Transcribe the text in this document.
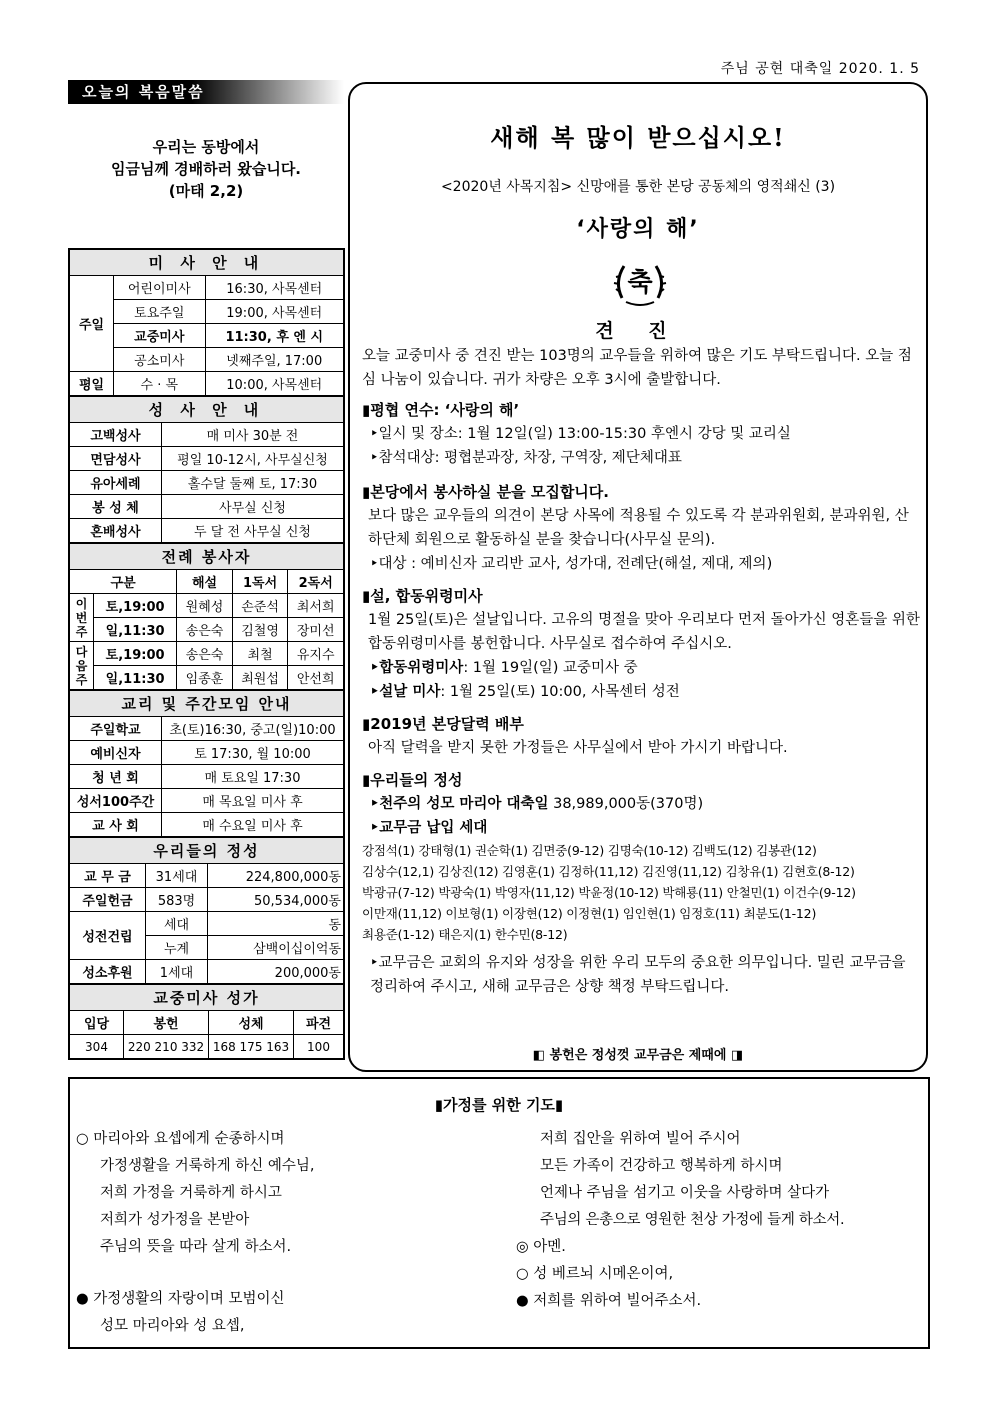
주님 공현 대축일 2020. 1. 5
오늘의 복음말씀
우리는 동방에서
임금님께 경배하러 왔습니다.
(마태 2,2)
미 사 안 내		
주일	어린이미사	16:30, 사목센터
	토요주일	19:00, 사목센터
	교중미사	11:30, 후 엔 시
	공소미사	넷째주일, 17:00
평일	수 · 목	10:00, 사목센터
성 사 안 내	
고백성사	매 미사 30분 전
면담성사	평일 10-12시, 사무실신청
유아세례	홀수달 둘째 토, 17:30
봉 성 체	사무실 신청
혼배성사	두 달 전 사무실 신청
전례 봉사자				
구분		해설	1독서	2독서
이번주	토,19:00	원혜성	손준석	최서희
	일,11:30	송은숙	김철영	장미선
다음주	토,19:00	송은숙	최철	유지수
	일,11:30	임종훈	최원섭	안선희
교리 및 주간모임 안내	
주일학교	초(토)16:30, 중고(일)10:00
예비신자	토 17:30, 월 10:00
청 년 회	매 토요일 17:30
성서100주간	매 목요일 미사 후
교 사 회	매 수요일 미사 후
우리들의 정성		
교 무 금	31세대	224,800,000동
주일헌금	583명	50,534,000동
성전건립	세대	동
	누계	삼백이십이억동
성소후원	1세대	200,000동
교중미사 성가			
입당	봉헌	성체	파견
304	220 210 332	168 175 163	100
새해 복 많이 받으십시오!
<2020년 사목지침> 신망애를 통한 본당 공동체의 영적쇄신 (3)
‘사랑의 해’
축
견 진
오늘 교중미사 중 견진 받는 103명의 교우들을 위하여 많은 기도 부탁드립니다. 오늘 점심 나눔이 있습니다. 귀가 차량은 오후 3시에 출발합니다.
▮평협 연수: ‘사랑의 해’
‣일시 및 장소: 1월 12일(일) 13:00-15:30 후엔시 강당 및 교리실
‣참석대상: 평협분과장, 차장, 구역장, 제단체대표
▮본당에서 봉사하실 분을 모집합니다.
보다 많은 교우들의 의견이 본당 사목에 적용될 수 있도록 각 분과위원회, 분과위원, 산하단체 회원으로 활동하실 분을 찾습니다(사무실 문의).
‣대상 : 예비신자 교리반 교사, 성가대, 전례단(해설, 제대, 제의)
▮설, 합동위령미사
1월 25일(토)은 설날입니다. 고유의 명절을 맞아 우리보다 먼저 돌아가신 영혼들을 위한 합동위령미사를 봉헌합니다. 사무실로 접수하여 주십시오.
‣합동위령미사: 1월 19일(일) 교중미사 중
‣설날 미사: 1월 25일(토) 10:00, 사목센터 성전
▮2019년 본당달력 배부
아직 달력을 받지 못한 가정들은 사무실에서 받아 가시기 바랍니다.
▮우리들의 정성
‣천주의 성모 마리아 대축일 38,989,000동(370명)
‣교무금 납입 세대
강점석(1) 강태형(1) 권순학(1) 김면중(9-12) 김명숙(10-12) 김백도(12) 김봉관(12)
김상수(12,1) 김상진(12) 김영훈(1) 김정하(11,12) 김진영(11,12) 김창유(1) 김현호(8-12)
박광규(7-12) 박광숙(1) 박영자(11,12) 박윤정(10-12) 박해룡(11) 안철민(1) 이건수(9-12)
이만재(11,12) 이보형(1) 이장현(12) 이정현(1) 임인현(1) 임정호(11) 최분도(1-12)
최용준(1-12) 태은지(1) 한수민(8-12)
‣교무금은 교회의 유지와 성장을 위한 우리 모두의 중요한 의무입니다. 밀린 교무금을 정리하여 주시고, 새해 교무금은 상향 책정 부탁드립니다.
◧ 봉헌은 정성껏 교무금은 제때에 ◨
▮가정를 위한 기도▮
○ 마리아와 요셉에게 순종하시며
가정생활을 거룩하게 하신 예수님,
저희 가정을 거룩하게 하시고
저희가 성가정을 본받아
주님의 뜻을 따라 살게 하소서.
● 가정생활의 자랑이며 모범이신
성모 마리아와 성 요셉,
저희 집안을 위하여 빌어 주시어
모든 가족이 건강하고 행복하게 하시며
언제나 주님을 섬기고 이웃을 사랑하며 살다가
주님의 은총으로 영원한 천상 가정에 들게 하소서.
◎ 아멘.
○ 성 베르뇌 시메온이여,
● 저희를 위하여 빌어주소서.
